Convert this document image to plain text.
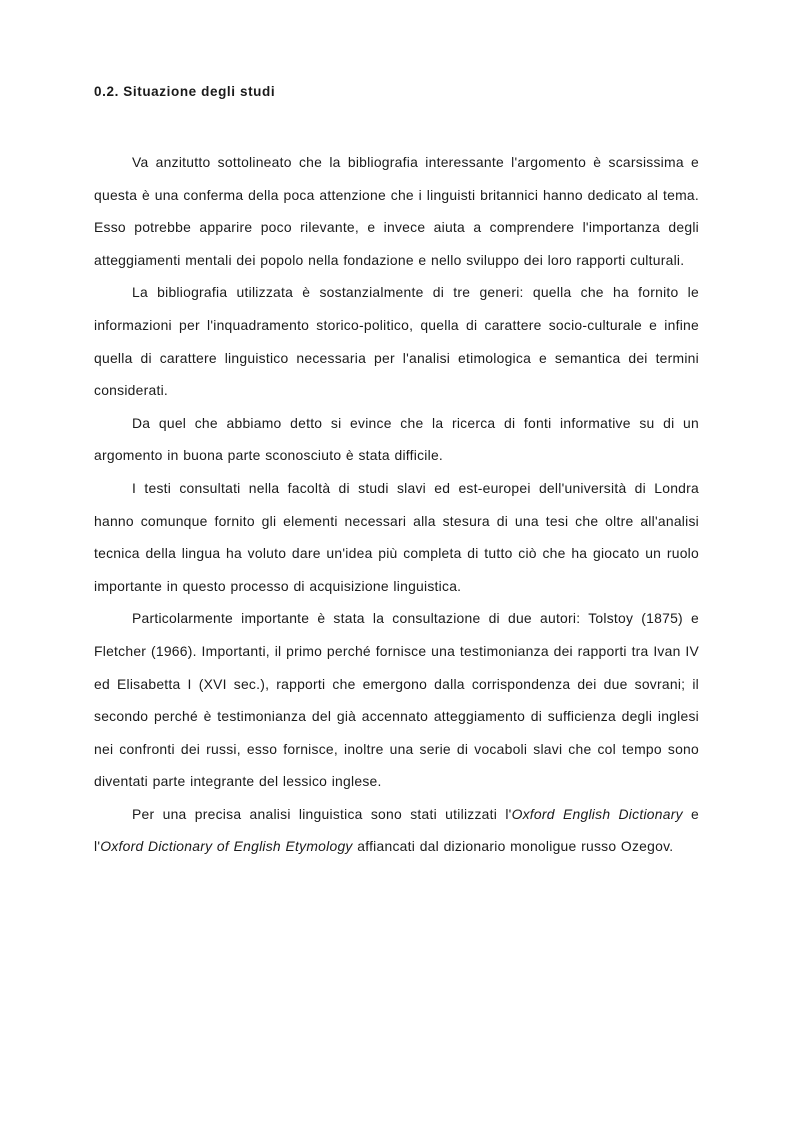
0.2. Situazione degli studi

Va anzitutto sottolineato che la bibliografia interessante l'argomento è scarsissima e questa è una conferma della poca attenzione che i linguisti britannici hanno dedicato al tema. Esso potrebbe apparire poco rilevante, e invece aiuta a comprendere l'importanza degli atteggiamenti mentali dei popolo nella fondazione e nello sviluppo dei loro rapporti culturali.

La bibliografia utilizzata è sostanzialmente di tre generi: quella che ha fornito le informazioni per l'inquadramento storico-politico, quella di carattere socio-culturale e infine quella di carattere linguistico necessaria per l'analisi etimologica e semantica dei termini considerati.

Da quel che abbiamo detto si evince che la ricerca di fonti informative su di un argomento in buona parte sconosciuto è stata difficile.

I testi consultati nella facoltà di studi slavi ed est-europei dell'università di Londra hanno comunque fornito gli elementi necessari alla stesura di una tesi che oltre all'analisi tecnica della lingua ha voluto dare un'idea più completa di tutto ciò che ha giocato un ruolo importante in questo processo di acquisizione linguistica.

Particolarmente importante è stata la consultazione di due autori: Tolstoy (1875) e Fletcher (1966). Importanti, il primo perché fornisce una testimonianza dei rapporti tra Ivan IV ed Elisabetta I (XVI sec.), rapporti che emergono dalla corrispondenza dei due sovrani; il secondo perché è testimonianza del già accennato atteggiamento di sufficienza degli inglesi nei confronti dei russi, esso fornisce, inoltre una serie di vocaboli slavi che col tempo sono diventati parte integrante del lessico inglese.

Per una precisa analisi linguistica sono stati utilizzati l'Oxford English Dictionary e l'Oxford Dictionary of English Etymology affiancati dal dizionario monoligue russo Ozegov.
